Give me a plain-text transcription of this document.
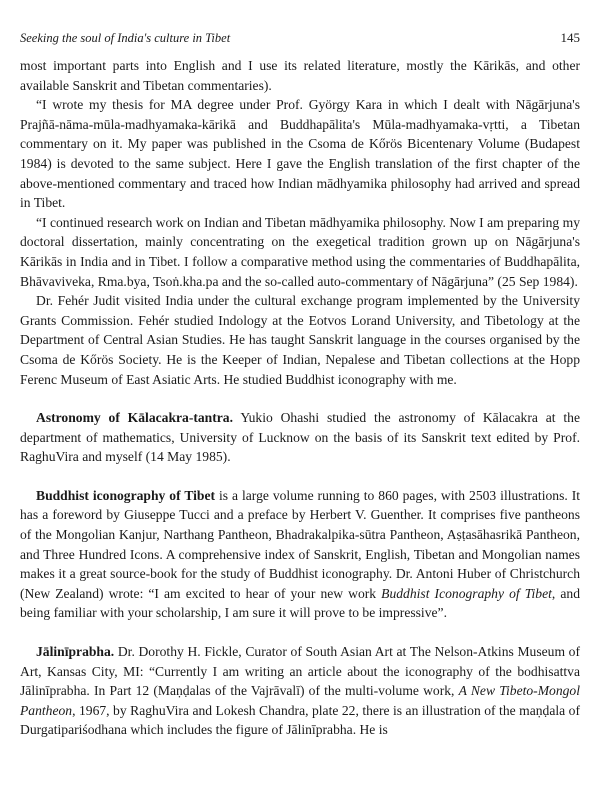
Seeking the soul of India's culture in Tibet	145

most important parts into English and I use its related literature, mostly the Kārikās, and other available Sanskrit and Tibetan commentaries).

“I wrote my thesis for MA degree under Prof. György Kara in which I dealt with Nāgārjuna's Prajñā-nāma-mūla-madhyamaka-kārikā and Buddhapālita's Mūla-madhyamaka-vṛtti, a Tibetan commentary on it. My paper was published in the Csoma de Kőrös Bicentenary Volume (Budapest 1984) is devoted to the same subject. Here I gave the English translation of the first chapter of the above-mentioned commentary and traced how Indian mādhyamika philosophy had arrived and spread in Tibet.

“I continued research work on Indian and Tibetan mādhyamika philosophy. Now I am preparing my doctoral dissertation, mainly concentrating on the exegetical tradition grown up on Nāgārjuna's Kārikās in India and in Tibet. I follow a comparative method using the commentaries of Buddhapālita, Bhāvaviveka, Rma.bya, Tsoṅ.kha.pa and the so-called auto-commentary of Nāgārjuna” (25 Sep 1984).

Dr. Fehér Judit visited India under the cultural exchange program implemented by the University Grants Commission. Fehér studied Indology at the Eotvos Lorand University, and Tibetology at the Department of Central Asian Studies. He has taught Sanskrit language in the courses organised by the Csoma de Kőrös Society. He is the Keeper of Indian, Nepalese and Tibetan collections at the Hopp Ferenc Museum of East Asiatic Arts. He studied Buddhist iconography with me.

Astronomy of Kālacakra-tantra. Yukio Ohashi studied the astronomy of Kālacakra at the department of mathematics, University of Lucknow on the basis of its Sanskrit text edited by Prof. RaghuVira and myself (14 May 1985).

Buddhist iconography of Tibet is a large volume running to 860 pages, with 2503 illustrations. It has a foreword by Giuseppe Tucci and a preface by Herbert V. Guenther. It comprises five pantheons of the Mongolian Kanjur, Narthang Pantheon, Bhadrakalpika-sūtra Pantheon, Aṣṭasāhasrikā Pantheon, and Three Hundred Icons. A comprehensive index of Sanskrit, English, Tibetan and Mongolian names makes it a great source-book for the study of Buddhist iconography. Dr. Antoni Huber of Christchurch (New Zealand) wrote: “I am excited to hear of your new work Buddhist Iconography of Tibet, and being familiar with your scholarship, I am sure it will prove to be impressive”.

Jālinīprabha. Dr. Dorothy H. Fickle, Curator of South Asian Art at The Nelson-Atkins Museum of Art, Kansas City, MI: “Currently I am writing an article about the iconography of the bodhisattva Jālinīprabha. In Part 12 (Maṇḍalas of the Vajrāvalī) of the multi-volume work, A New Tibeto-Mongol Pantheon, 1967, by RaghuVira and Lokesh Chandra, plate 22, there is an illustration of the maṇḍala of Durgatipariśodhana which includes the figure of Jālinīprabha. He is
